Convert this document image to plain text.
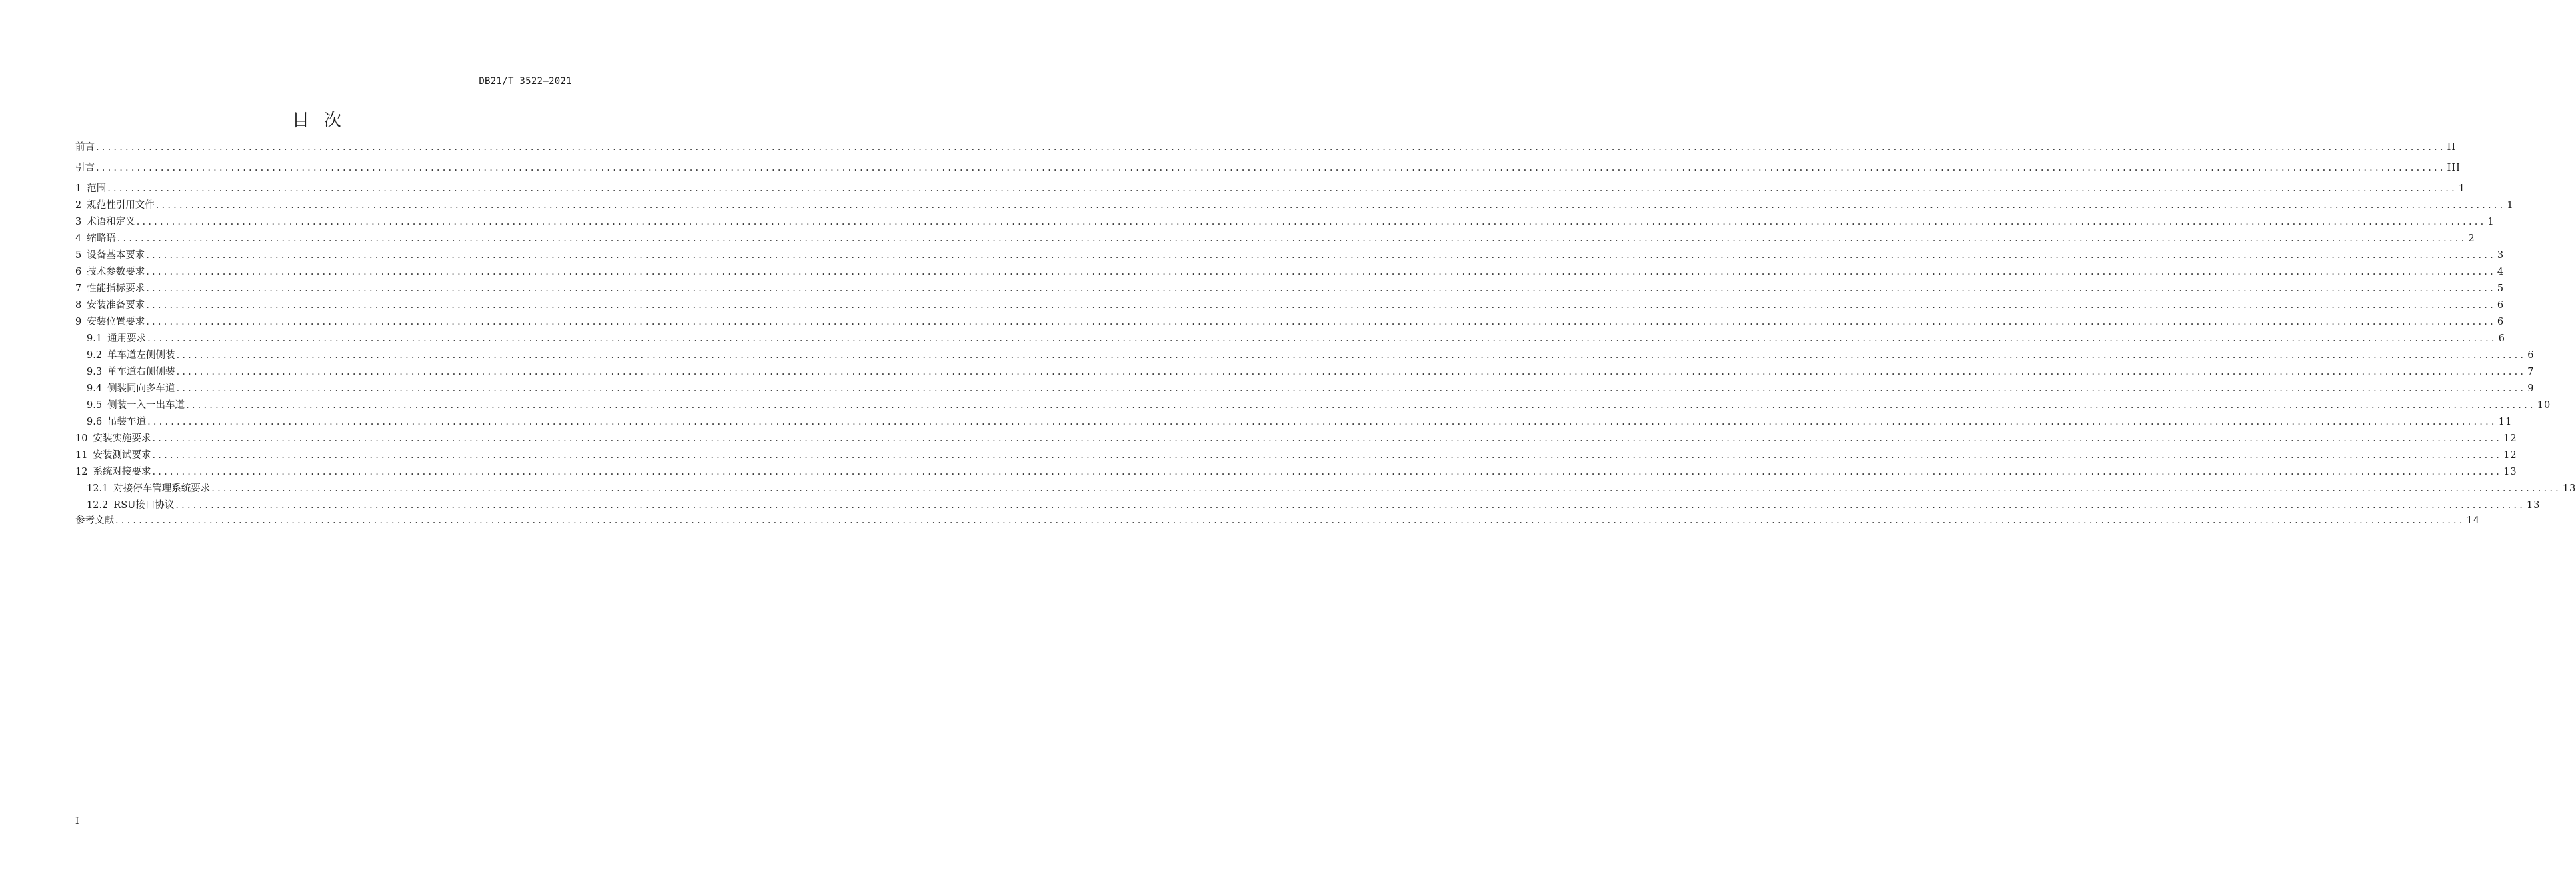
DB21/T 3522—2021
目次
前言 ................................................................................................................................................................................................................................................................................................................................................................................................................ II
引言 ................................................................................................................................................................................................................................................................................................................................................................................................................ III
1 范围 ................................................................................................................................................................................................................................................................................................................................................................................................................ 1
2 规范性引用文件 ................................................................................................................................................................................................................................................................................................................................................................................................................ 1
3 术语和定义 ................................................................................................................................................................................................................................................................................................................................................................................................................ 1
4 缩略语 ................................................................................................................................................................................................................................................................................................................................................................................................................ 2
5 设备基本要求 ................................................................................................................................................................................................................................................................................................................................................................................................................ 3
6 技术参数要求 ................................................................................................................................................................................................................................................................................................................................................................................................................ 4
7 性能指标要求 ................................................................................................................................................................................................................................................................................................................................................................................................................ 5
8 安装准备要求 ................................................................................................................................................................................................................................................................................................................................................................................................................ 6
9 安装位置要求 ................................................................................................................................................................................................................................................................................................................................................................................................................ 6
9.1 通用要求 ................................................................................................................................................................................................................................................................................................................................................................................................................ 6
9.2 单车道左侧侧装 ................................................................................................................................................................................................................................................................................................................................................................................................................ 6
9.3 单车道右侧侧装 ................................................................................................................................................................................................................................................................................................................................................................................................................ 7
9.4 侧装同向多车道 ................................................................................................................................................................................................................................................................................................................................................................................................................ 9
9.5 侧装一入一出车道 ................................................................................................................................................................................................................................................................................................................................................................................................................ 10
9.6 吊装车道 ................................................................................................................................................................................................................................................................................................................................................................................................................ 11
10 安装实施要求 ................................................................................................................................................................................................................................................................................................................................................................................................................ 12
11 安装测试要求 ................................................................................................................................................................................................................................................................................................................................................................................................................ 12
12 系统对接要求 ................................................................................................................................................................................................................................................................................................................................................................................................................ 13
12.1 对接停车管理系统要求 ................................................................................................................................................................................................................................................................................................................................................................................................................ 13
12.2 RSU接口协议 ................................................................................................................................................................................................................................................................................................................................................................................................................ 13
参考文献 ................................................................................................................................................................................................................................................................................................................................................................................................................ 14
I
